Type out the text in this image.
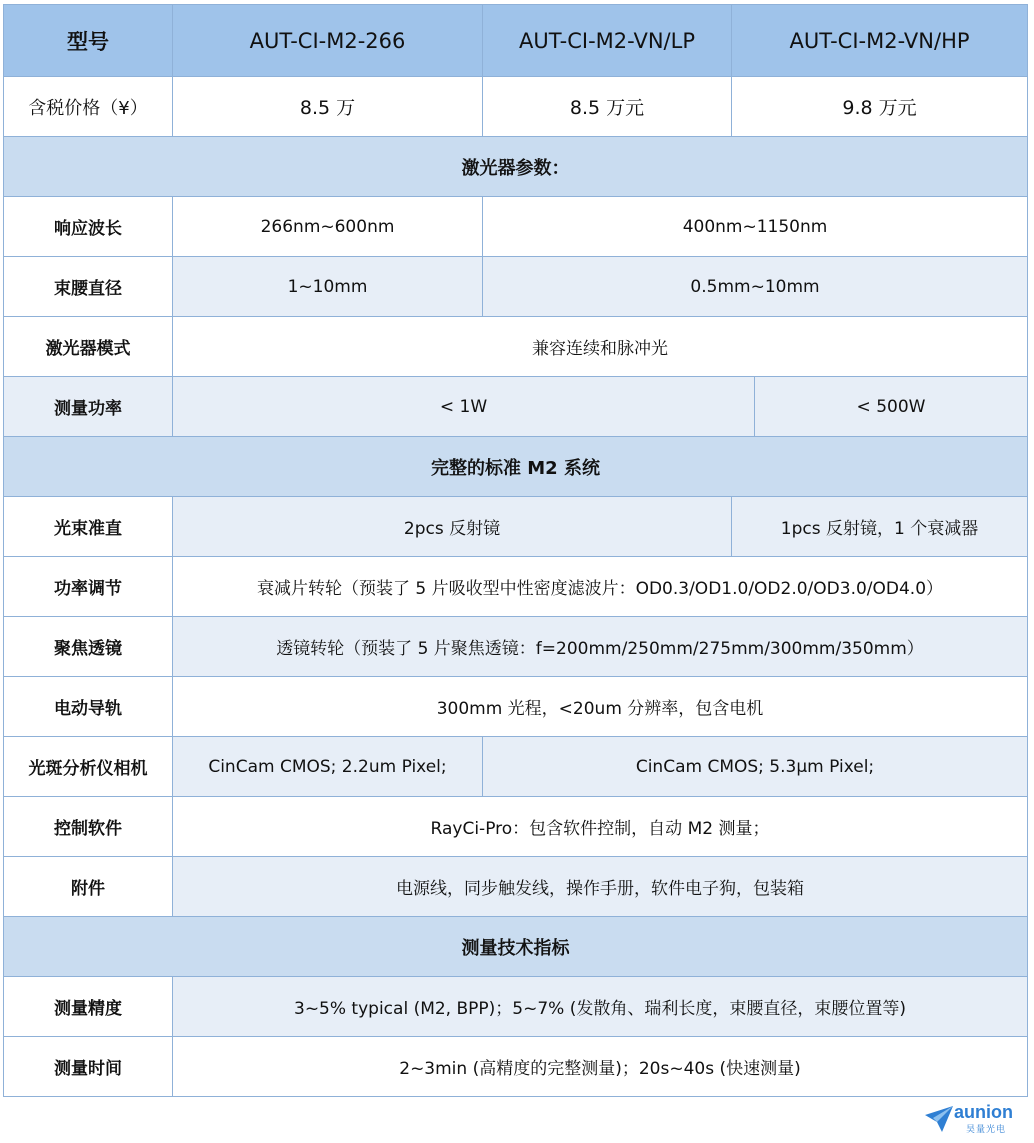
型号	AUT-CI-M2-266	AUT-CI-M2-VN/LP	AUT-CI-M2-VN/HP	
含税价格（¥）	8.5 万	8.5 万元	9.8 万元	
激光器参数：				
响应波长	266nm~600nm	400nm~1150nm		
束腰直径	1~10mm	0.5mm~10mm		
激光器模式	兼容连续和脉冲光			
测量功率	< 1W			< 500W
完整的标准 M2 系统				
光束准直	2pcs 反射镜		1pcs 反射镜，1 个衰减器	
功率调节	衰减片转轮（预装了 5 片吸收型中性密度滤波片：OD0.3/OD1.0/OD2.0/OD3.0/OD4.0）			
聚焦透镜	透镜转轮（预装了 5 片聚焦透镜：f=200mm/250mm/275mm/300mm/350mm）			
电动导轨	300mm 光程，<20um 分辨率，包含电机			
光斑分析仪相机	CinCam CMOS; 2.2um Pixel;	CinCam CMOS; 5.3µm Pixel;		
控制软件	RayCi-Pro：包含软件控制，自动 M2 测量；			
附件	电源线，同步触发线，操作手册，软件电子狗，包装箱			
测量技术指标				
测量精度	3~5% typical (M2, BPP)；5~7% (发散角、瑞利长度，束腰直径，束腰位置等)			
测量时间	2~3min (高精度的完整测量)；20s~40s (快速测量)			
aunion
昊量光电
